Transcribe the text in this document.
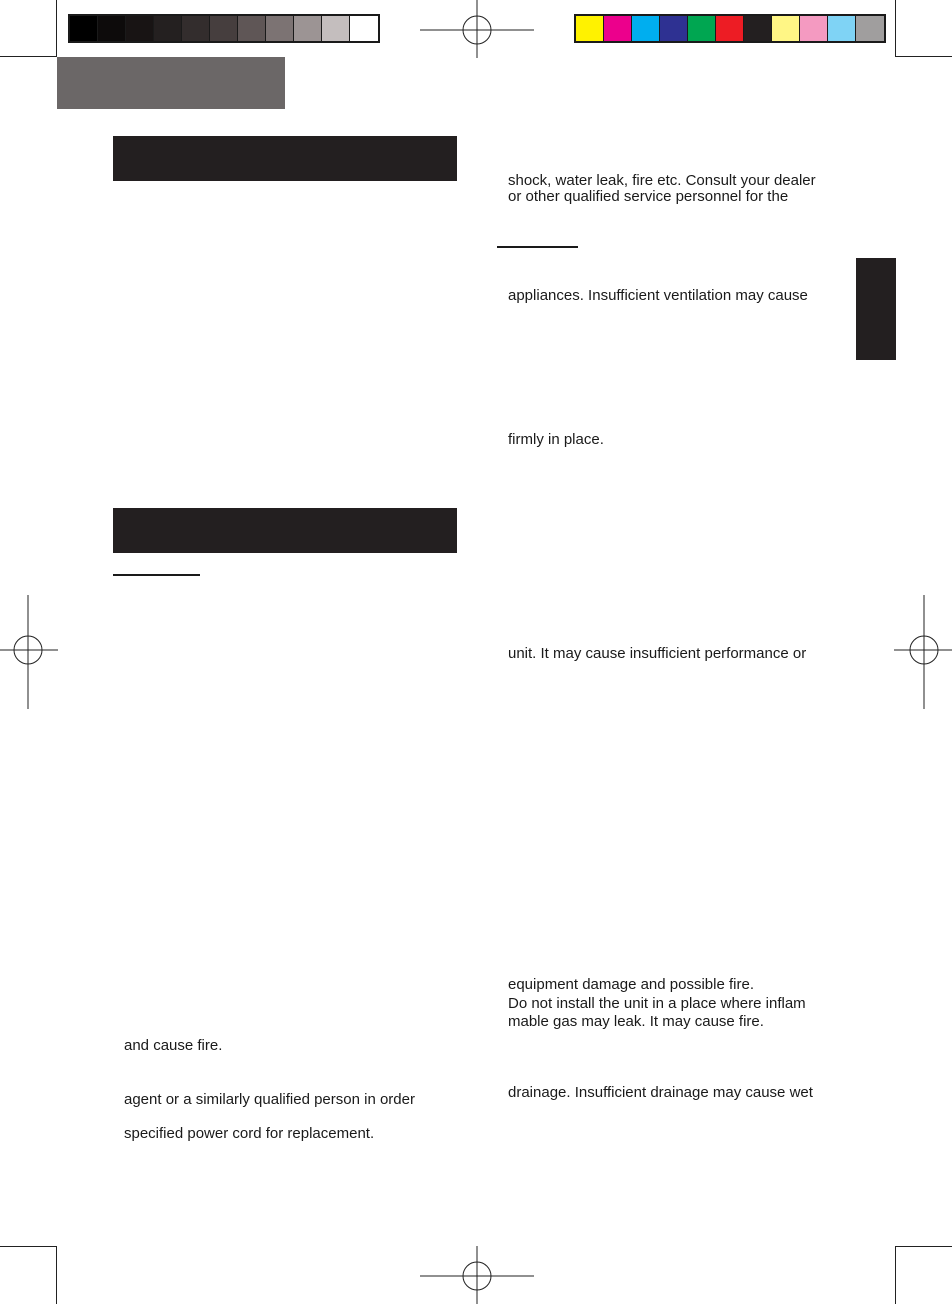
shock, water leak, fire etc. Consult your dealer
or other qualified service personnel for the
appliances. Insufficient ventilation may cause
firmly in place.
unit. It may cause insufficient performance or
equipment damage and possible fire.
Do not install the unit in a place where inflam
mable gas may leak. It may cause fire.
drainage. Insufficient drainage may cause wet
and cause fire.
agent or a similarly qualified person in order
specified power cord for replacement.
